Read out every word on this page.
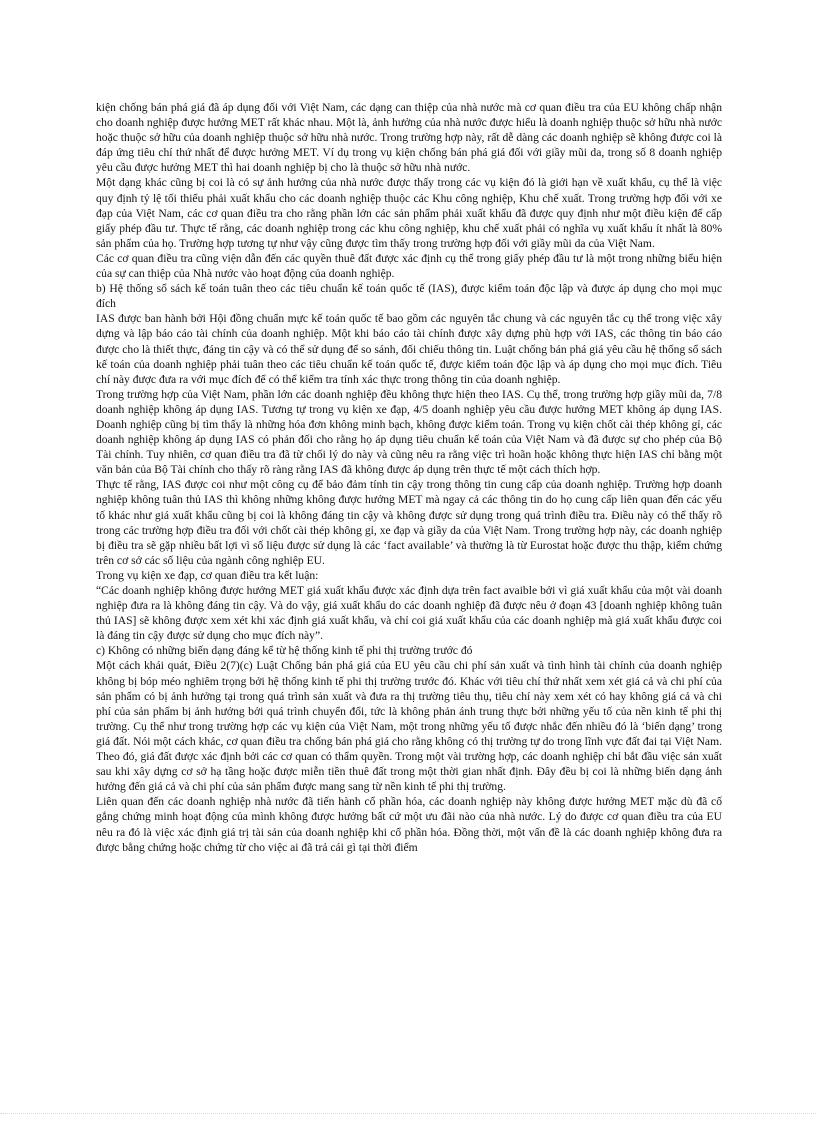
kiện chống bán phá giá đã áp dụng đối với Việt Nam, các dạng can thiệp của nhà nước mà cơ quan điều tra của EU không chấp nhận cho doanh nghiệp được hưởng MET rất khác nhau. Một là, ảnh hưởng của nhà nước được hiểu là doanh nghiệp thuộc sở hữu nhà nước hoặc thuộc sở hữu của doanh nghiệp thuộc sở hữu nhà nước. Trong trường hợp này, rất dễ dàng các doanh nghiệp sẽ không được coi là đáp ứng tiêu chí thứ nhất để được hưởng MET. Ví dụ trong vụ kiện chống bán phá giá đối với giầy mũi da, trong số 8 doanh nghiệp yêu cầu được hưởng MET thì hai doanh nghiệp bị cho là thuộc sở hữu nhà nước.

Một dạng khác cũng bị coi là có sự ảnh hưởng của nhà nước được thấy trong các vụ kiện đó là giới hạn về xuất khẩu, cụ thể là việc quy định tỷ lệ tối thiểu phải xuất khẩu cho các doanh nghiệp thuộc các Khu công nghiệp, Khu chế xuất. Trong trường hợp đối với xe đạp của Việt Nam, các cơ quan điều tra cho rằng phần lớn các sản phẩm phải xuất khẩu đã được quy định như một điều kiện để cấp giấy phép đầu tư. Thực tế rằng, các doanh nghiệp trong các khu công nghiệp, khu chế xuất phải có nghĩa vụ xuất khẩu ít nhất là 80% sản phẩm của họ. Trường hợp tương tự như vậy cũng được tìm thấy trong trường hợp đối với giầy mũi da của Việt Nam.

Các cơ quan điều tra cũng viện dẫn đến các quyền thuê đất được xác định cụ thể trong giấy phép đầu tư là một trong những biểu hiện của sự can thiệp của Nhà nước vào hoạt động của doanh nghiệp.

b) Hệ thống sổ sách kế toán tuân theo các tiêu chuẩn kế toán quốc tế (IAS), được kiểm toán độc lập và được áp dụng cho mọi mục đích

IAS được ban hành bởi Hội đồng chuẩn mực kế toán quốc tế bao gồm các nguyên tắc chung và các nguyên tắc cụ thể trong việc xây dựng và lập báo cáo tài chính của doanh nghiệp. Một khi báo cáo tài chính được xây dựng phù hợp với IAS, các thông tin báo cáo được cho là thiết thực, đáng tin cậy và có thể sử dụng để so sánh, đối chiếu thông tin. Luật chống bán phá giá yêu cầu hệ thống sổ sách kế toán của doanh nghiệp phải tuân theo các tiêu chuẩn kế toán quốc tế, được kiểm toán độc lập và áp dụng cho mọi mục đích. Tiêu chí này được đưa ra với mục đích để có thể kiểm tra tính xác thực trong thông tin của doanh nghiệp.

Trong trường hợp của Việt Nam, phần lớn các doanh nghiệp đều không thực hiện theo IAS. Cụ thể, trong trường hợp giầy mũi da, 7/8 doanh nghiệp không áp dụng IAS. Tương tự trong vụ kiện xe đạp, 4/5 doanh nghiệp yêu cầu được hưởng MET không áp dụng IAS. Doanh nghiệp cũng bị tìm thấy là những hóa đơn không minh bạch, không được kiểm toán. Trong vụ kiện chốt cài thép không gỉ, các doanh nghiệp không áp dụng IAS có phản đối cho rằng họ áp dụng tiêu chuẩn kế toán của Việt Nam và đã được sự cho phép của Bộ Tài chính. Tuy nhiên, cơ quan điều tra đã từ chối lý do này và cũng nêu ra rằng việc trì hoãn hoặc không thực hiện IAS chỉ bằng một văn bản của Bộ Tài chính cho thấy rõ ràng rằng IAS đã không được áp dụng trên thực tế một cách thích hợp.

Thực tế rằng, IAS được coi như một công cụ để bảo đảm tính tin cậy trong thông tin cung cấp của doanh nghiệp. Trường hợp doanh nghiệp không tuân thủ IAS thì không những không được hưởng MET mà ngay cả các thông tin do họ cung cấp liên quan đến các yếu tố khác như giá xuất khẩu cũng bị coi là không đáng tin cậy và không được sử dụng trong quá trình điều tra. Điều này có thể thấy rõ trong các trường hợp điều tra đối với chốt cài thép không gỉ, xe đạp và giầy da của Việt Nam. Trong trường hợp này, các doanh nghiệp bị điều tra sẽ gặp nhiều bất lợi vì số liệu được sử dụng là các ‘fact available’ và thường là từ Eurostat hoặc được thu thập, kiểm chứng trên cơ sở các số liệu của ngành công nghiệp EU.

Trong vụ kiện xe đạp, cơ quan điều tra kết luận:

“Các doanh nghiệp không được hưởng MET giá xuất khẩu được xác định dựa trên fact avaible bởi vì giá xuất khẩu của một vài doanh nghiệp đưa ra là không đáng tin cậy. Và do vậy, giá xuất khẩu do các doanh nghiệp đã được nêu ở đoạn 43 [doanh nghiệp không tuân thủ IAS] sẽ không được xem xét khi xác định giá xuất khẩu, và chỉ coi giá xuất khẩu của các doanh nghiệp mà giá xuất khẩu được coi là đáng tin cậy được sử dụng cho mục đích này”.

c) Không có những biến dạng đáng kể từ hệ thống kinh tế phi thị trường trước đó

Một cách khái quát, Điều 2(7)(c) Luật Chống bán phá giá của EU yêu cầu chi phí sản xuất và tình hình tài chính của doanh nghiệp không bị bóp méo nghiêm trọng bởi hệ thống kinh tế phi thị trường trước đó. Khác với tiêu chí thứ nhất xem xét giá cả và chi phí của sản phẩm có bị ảnh hưởng tại trong quá trình sản xuất và đưa ra thị trường tiêu thụ, tiêu chí này xem xét có hay không giá cả và chi phí của sản phẩm bị ảnh hưởng bởi quá trình chuyển đổi, tức là không phản ánh trung thực bởi những yếu tố của nền kinh tế phi thị trường. Cụ thể như trong trường hợp các vụ kiện của Việt Nam, một trong những yếu tố được nhắc đến nhiều đó là ‘biến dạng’ trong giá đất. Nói một cách khác, cơ quan điều tra chống bán phá giá cho rằng không có thị trường tự do trong lĩnh vực đất đai tại Việt Nam. Theo đó, giá đất được xác định bởi các cơ quan có thẩm quyền. Trong một vài trường hợp, các doanh nghiệp chỉ bắt đầu việc sản xuất sau khi xây dựng cơ sở hạ tầng hoặc được miễn tiền thuê đất trong một thời gian nhất định. Đây đều bị coi là những biến dạng ảnh hưởng đến giá cả và chi phí của sản phẩm được mang sang từ nền kinh tế phi thị trường.

Liên quan đến các doanh nghiệp nhà nước đã tiến hành cổ phần hóa, các doanh nghiệp này không được hưởng MET mặc dù đã cố gắng chứng minh hoạt động của mình không được hưởng bất cứ một ưu đãi nào của nhà nước. Lý do được cơ quan điều tra của EU nêu ra đó là việc xác định giá trị tài sản của doanh nghiệp khi cổ phần hóa. Đồng thời, một vấn đề là các doanh nghiệp không đưa ra được bằng chứng hoặc chứng từ cho việc ai đã trả cái gì tại thời điểm
